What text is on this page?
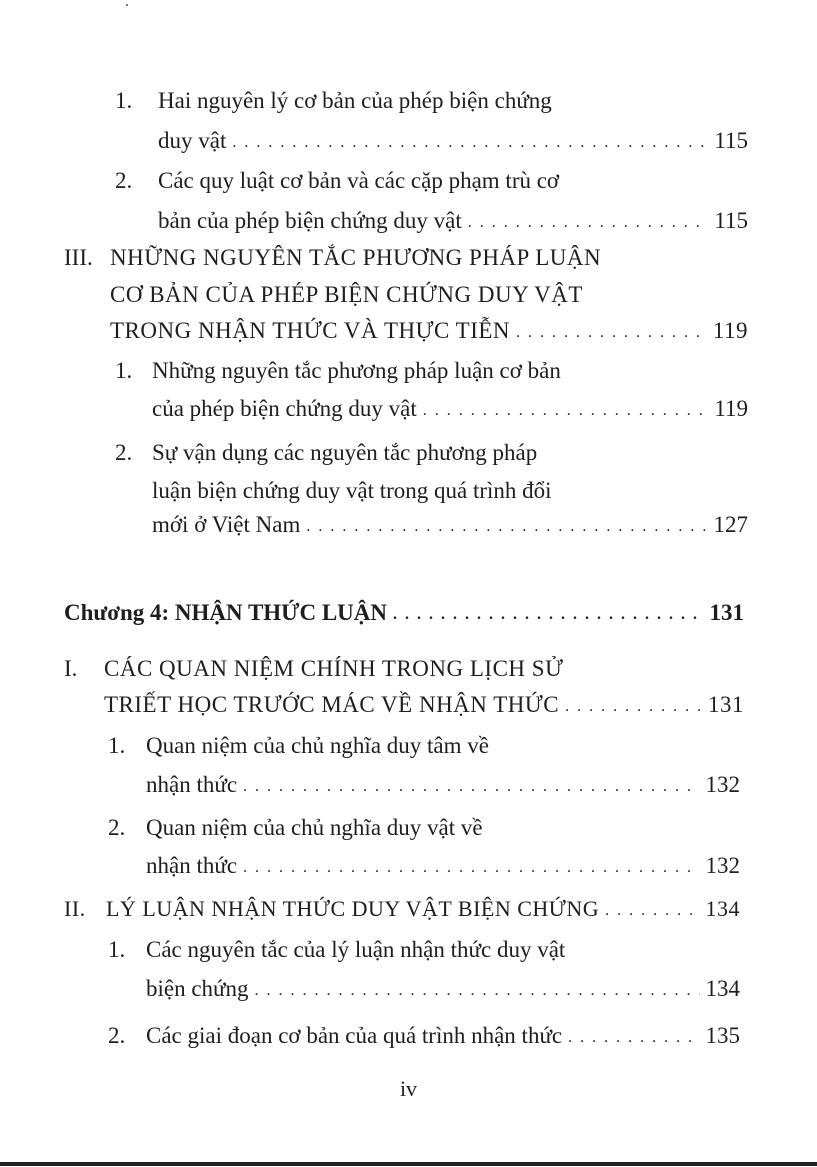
1.	Hai nguyên lý cơ bản của phép biện chứng
duy vật . . .	115
2.	Các quy luật cơ bản và các cặp phạm trù cơ
bản của phép biện chứng duy vật . . .	115
III. NHỮNG NGUYÊN TẮC PHƯƠNG PHÁP LUẬN
CƠ BẢN CỦA PHÉP BIỆN CHỨNG DUY VẬT
TRONG NHẬN THỨC VÀ THỰC TIỄN . . .	119
1. Những nguyên tắc phương pháp luận cơ bản
của phép biện chứng duy vật . . .	119
2. Sự vận dụng các nguyên tắc phương pháp
luận biện chứng duy vật trong quá trình đổi
mới ở Việt Nam . . .	127
Chương 4: NHẬN THỨC LUẬN . . .	131
I.	CÁC QUAN NIỆM CHÍNH TRONG LỊCH SỬ
TRIẾT HỌC TRƯỚC MÁC VỀ NHẬN THỨC . . .	131
1. Quan niệm của chủ nghĩa duy tâm về
nhận thức . . .	132
2. Quan niệm của chủ nghĩa duy vật về
nhận thức . . .	132
II. LÝ LUẬN NHẬN THỨC DUY VẬT BIỆN CHỨNG . . .	134
1. Các nguyên tắc của lý luận nhận thức duy vật
biện chứng . . .	134
2. Các giai đoạn cơ bản của quá trình nhận thức . . .	135
iv
